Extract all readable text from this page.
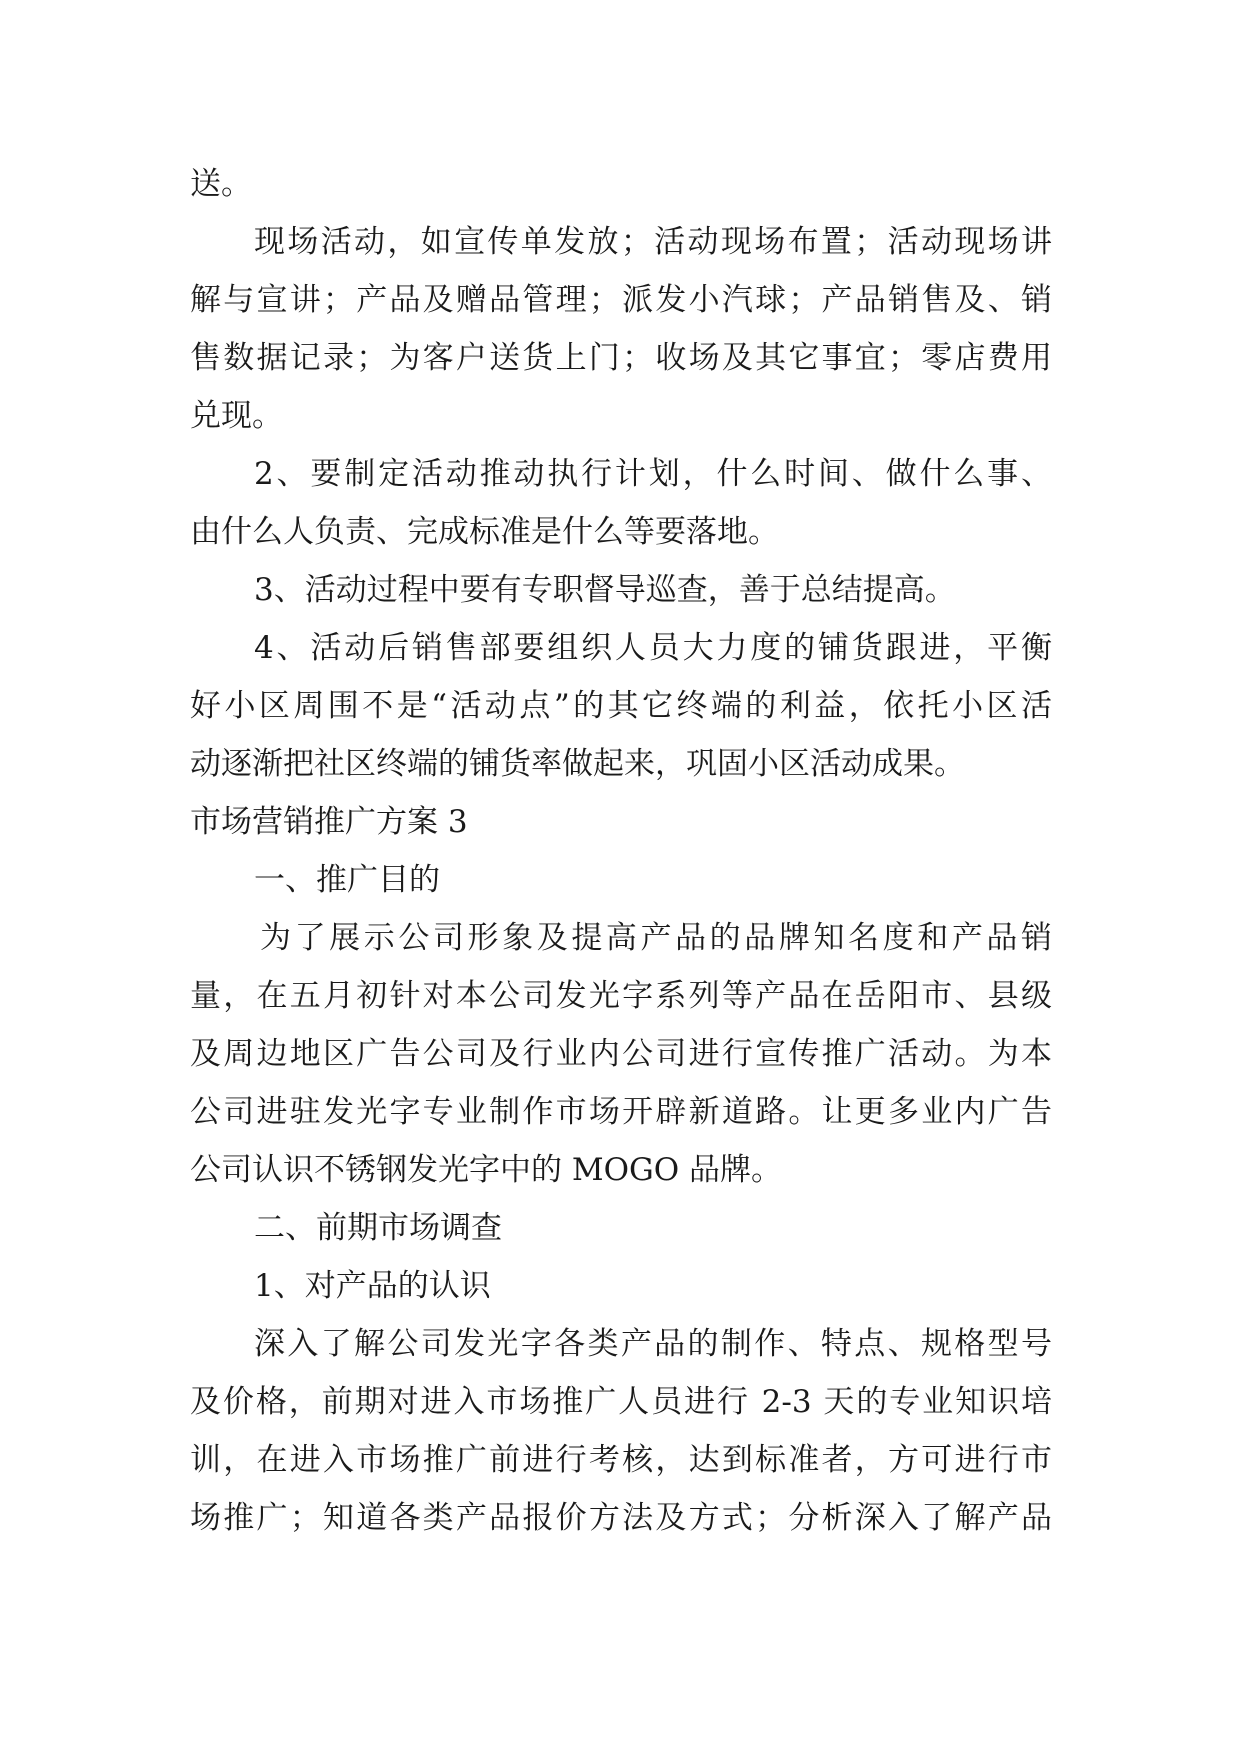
送。
现场活动，如宣传单发放；活动现场布置；活动现场讲
解与宣讲；产品及赠品管理；派发小汽球；产品销售及、销
售数据记录；为客户送货上门；收场及其它事宜；零店费用
兑现。
2、要制定活动推动执行计划，什么时间、做什么事、
由什么人负责、完成标准是什么等要落地。
3、活动过程中要有专职督导巡查，善于总结提高。
4、活动后销售部要组织人员大力度的铺货跟进，平衡
好小区周围不是“活动点”的其它终端的利益，依托小区活
动逐渐把社区终端的铺货率做起来，巩固小区活动成果。
市场营销推广方案 3
一、推广目的
为了展示公司形象及提高产品的品牌知名度和产品销
量，在五月初针对本公司发光字系列等产品在岳阳市、县级
及周边地区广告公司及行业内公司进行宣传推广活动。为本
公司进驻发光字专业制作市场开辟新道路。让更多业内广告
公司认识不锈钢发光字中的 MOGO 品牌。
二、前期市场调查
1、对产品的认识
深入了解公司发光字各类产品的制作、特点、规格型号
及价格，前期对进入市场推广人员进行 2-3 天的专业知识培
训，在进入市场推广前进行考核，达到标准者，方可进行市
场推广；知道各类产品报价方法及方式；分析深入了解产品
